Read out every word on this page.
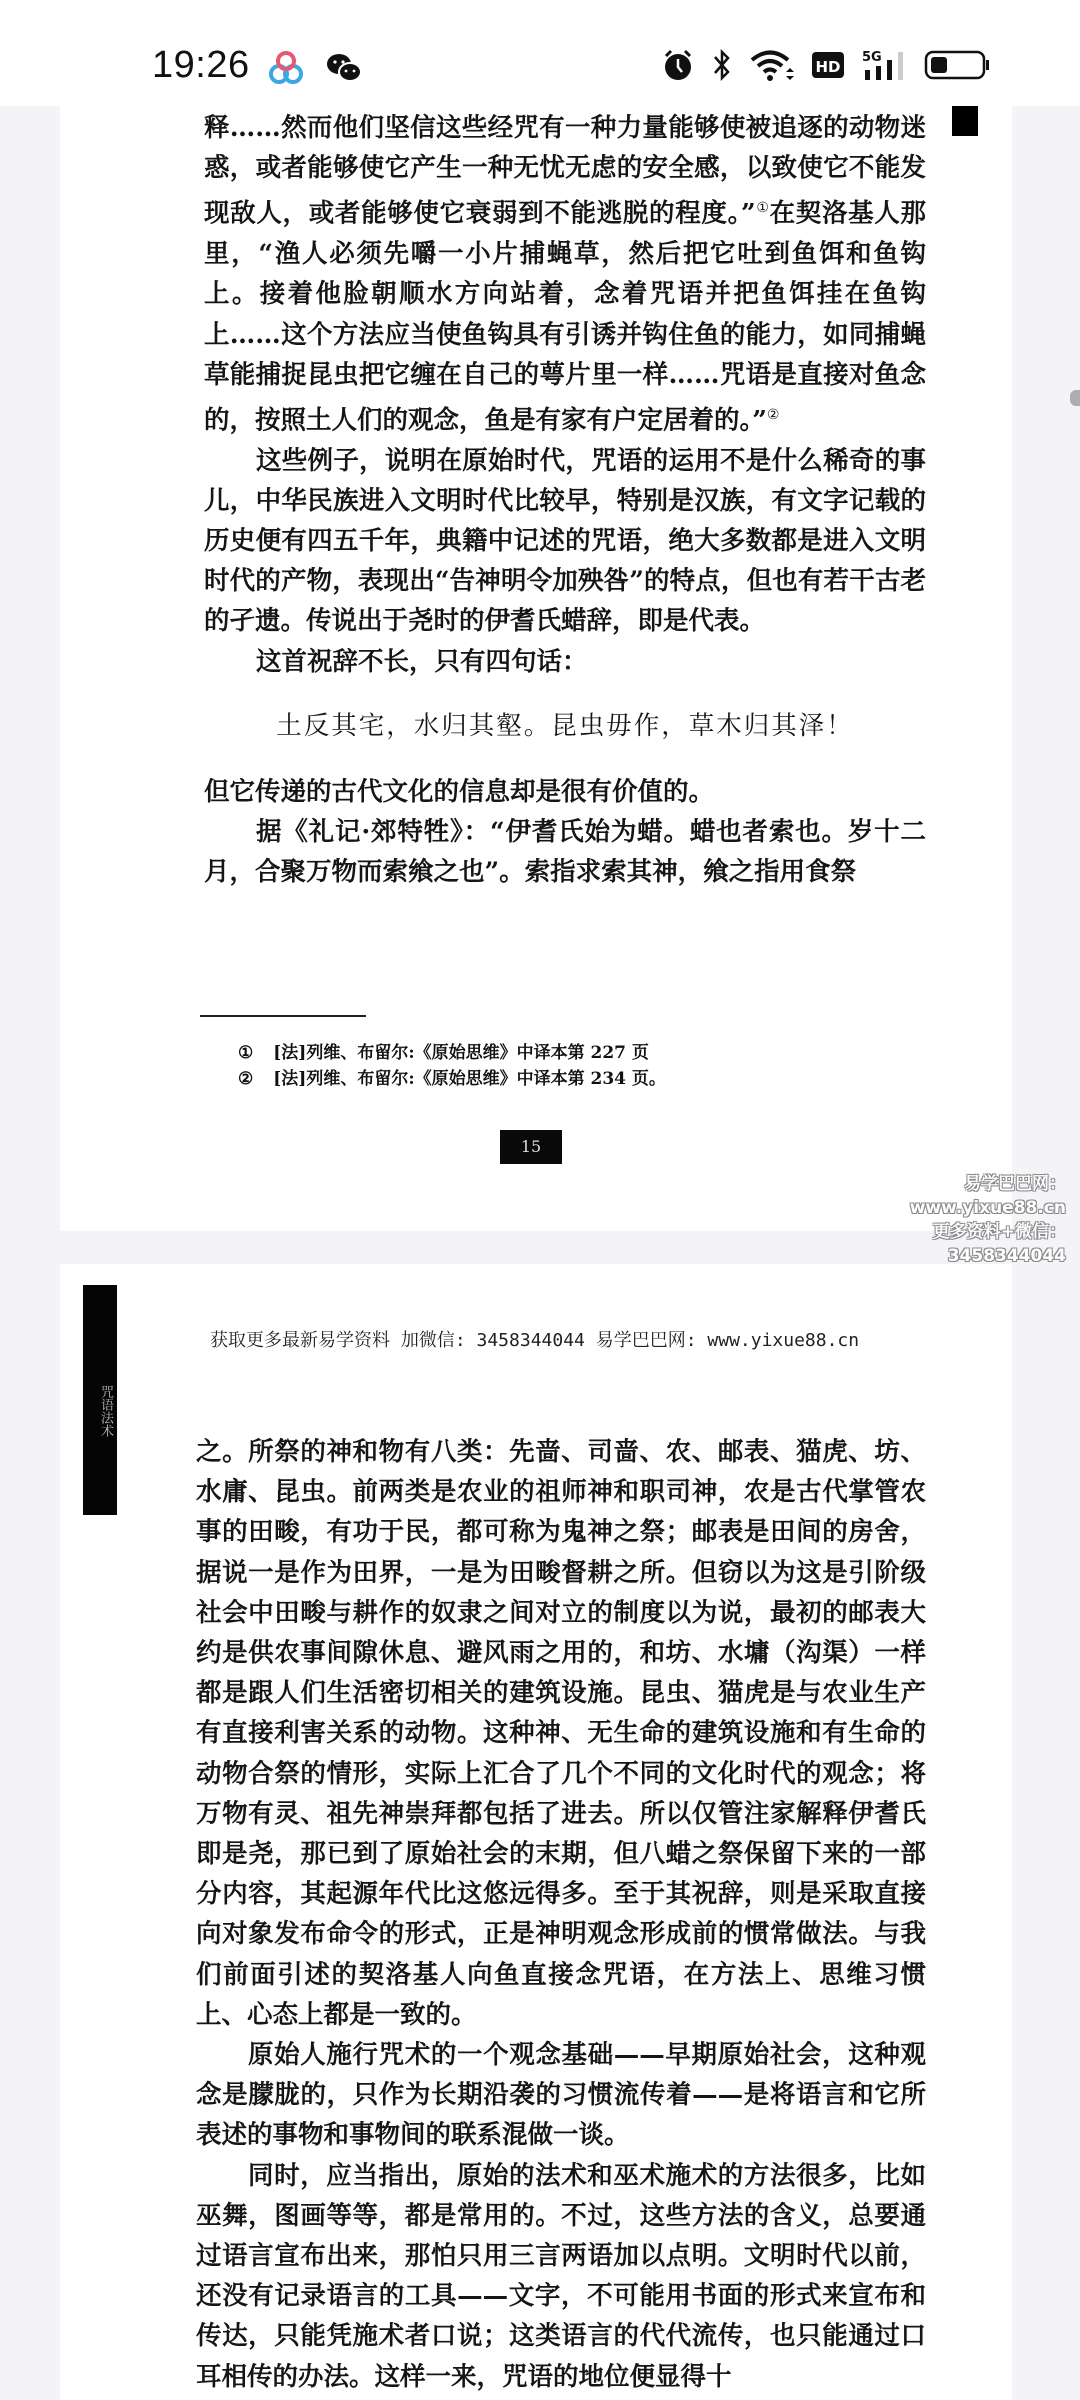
19:26	HD
5G

释……然而他们坚信这些经咒有一种力量能够使被追逐的动物迷惑，或者能够使它产生一种无忧无虑的安全感，以致使它不能发现敌人，或者能够使它衰弱到不能逃脱的程度。”①在契洛基人那里，“渔人必须先嚼一小片捕蝇草，然后把它吐到鱼饵和鱼钩上。接着他脸朝顺水方向站着，念着咒语并把鱼饵挂在鱼钩上……这个方法应当使鱼钩具有引诱并钩住鱼的能力，如同捕蝇草能捕捉昆虫把它缠在自己的萼片里一样……咒语是直接对鱼念的，按照土人们的观念，鱼是有家有户定居着的。”②

这些例子，说明在原始时代，咒语的运用不是什么稀奇的事儿，中华民族进入文明时代比较早，特别是汉族，有文字记载的历史便有四五千年，典籍中记述的咒语，绝大多数都是进入文明时代的产物，表现出“告神明令加殃咎”的特点，但也有若干古老的孑遗。传说出于尧时的伊耆氏蜡辞，即是代表。

这首祝辞不长，只有四句话：

土反其宅，水归其壑。昆虫毋作，草木归其泽！

但它传递的古代文化的信息却是很有价值的。

据《礼记·郊特牲》：“伊耆氏始为蜡。蜡也者索也。岁十二月，合聚万物而索飨之也”。索指求索其神，飨之指用食祭

① [法]列维、布留尔:《原始思维》中译本第 227 页
② [法]列维、布留尔:《原始思维》中译本第 234 页。
15
易学巴巴网：www.yixue88.cn
更多资料+微信：3458344044
咒语法术
获取更多最新易学资料 加微信: 3458344044 易学巴巴网: www.yixue88.cn

之。所祭的神和物有八类：先啬、司啬、农、邮表、猫虎、坊、水庸、昆虫。前两类是农业的祖师神和职司神，农是古代掌管农事的田畯，有功于民，都可称为鬼神之祭；邮表是田间的房舍，据说一是作为田界，一是为田畯督耕之所。但窃以为这是引阶级社会中田畯与耕作的奴隶之间对立的制度以为说，最初的邮表大约是供农事间隙休息、避风雨之用的，和坊、水墉（沟渠）一样都是跟人们生活密切相关的建筑设施。昆虫、猫虎是与农业生产有直接利害关系的动物。这种神、无生命的建筑设施和有生命的动物合祭的情形，实际上汇合了几个不同的文化时代的观念；将万物有灵、祖先神崇拜都包括了进去。所以仅管注家解释伊耆氏即是尧，那已到了原始社会的末期，但八蜡之祭保留下来的一部分内容，其起源年代比这悠远得多。至于其祝辞，则是采取直接向对象发布命令的形式，正是神明观念形成前的惯常做法。与我们前面引述的契洛基人向鱼直接念咒语，在方法上、思维习惯上、心态上都是一致的。

原始人施行咒术的一个观念基础——早期原始社会，这种观念是朦胧的，只作为长期沿袭的习惯流传着——是将语言和它所表述的事物和事物间的联系混做一谈。

同时，应当指出，原始的法术和巫术施术的方法很多，比如巫舞，图画等等，都是常用的。不过，这些方法的含义，总要通过语言宣布出来，那怕只用三言两语加以点明。文明时代以前，还没有记录语言的工具——文字，不可能用书面的形式来宣布和传达，只能凭施术者口说；这类语言的代代流传，也只能通过口耳相传的办法。这样一来，咒语的地位便显得十
